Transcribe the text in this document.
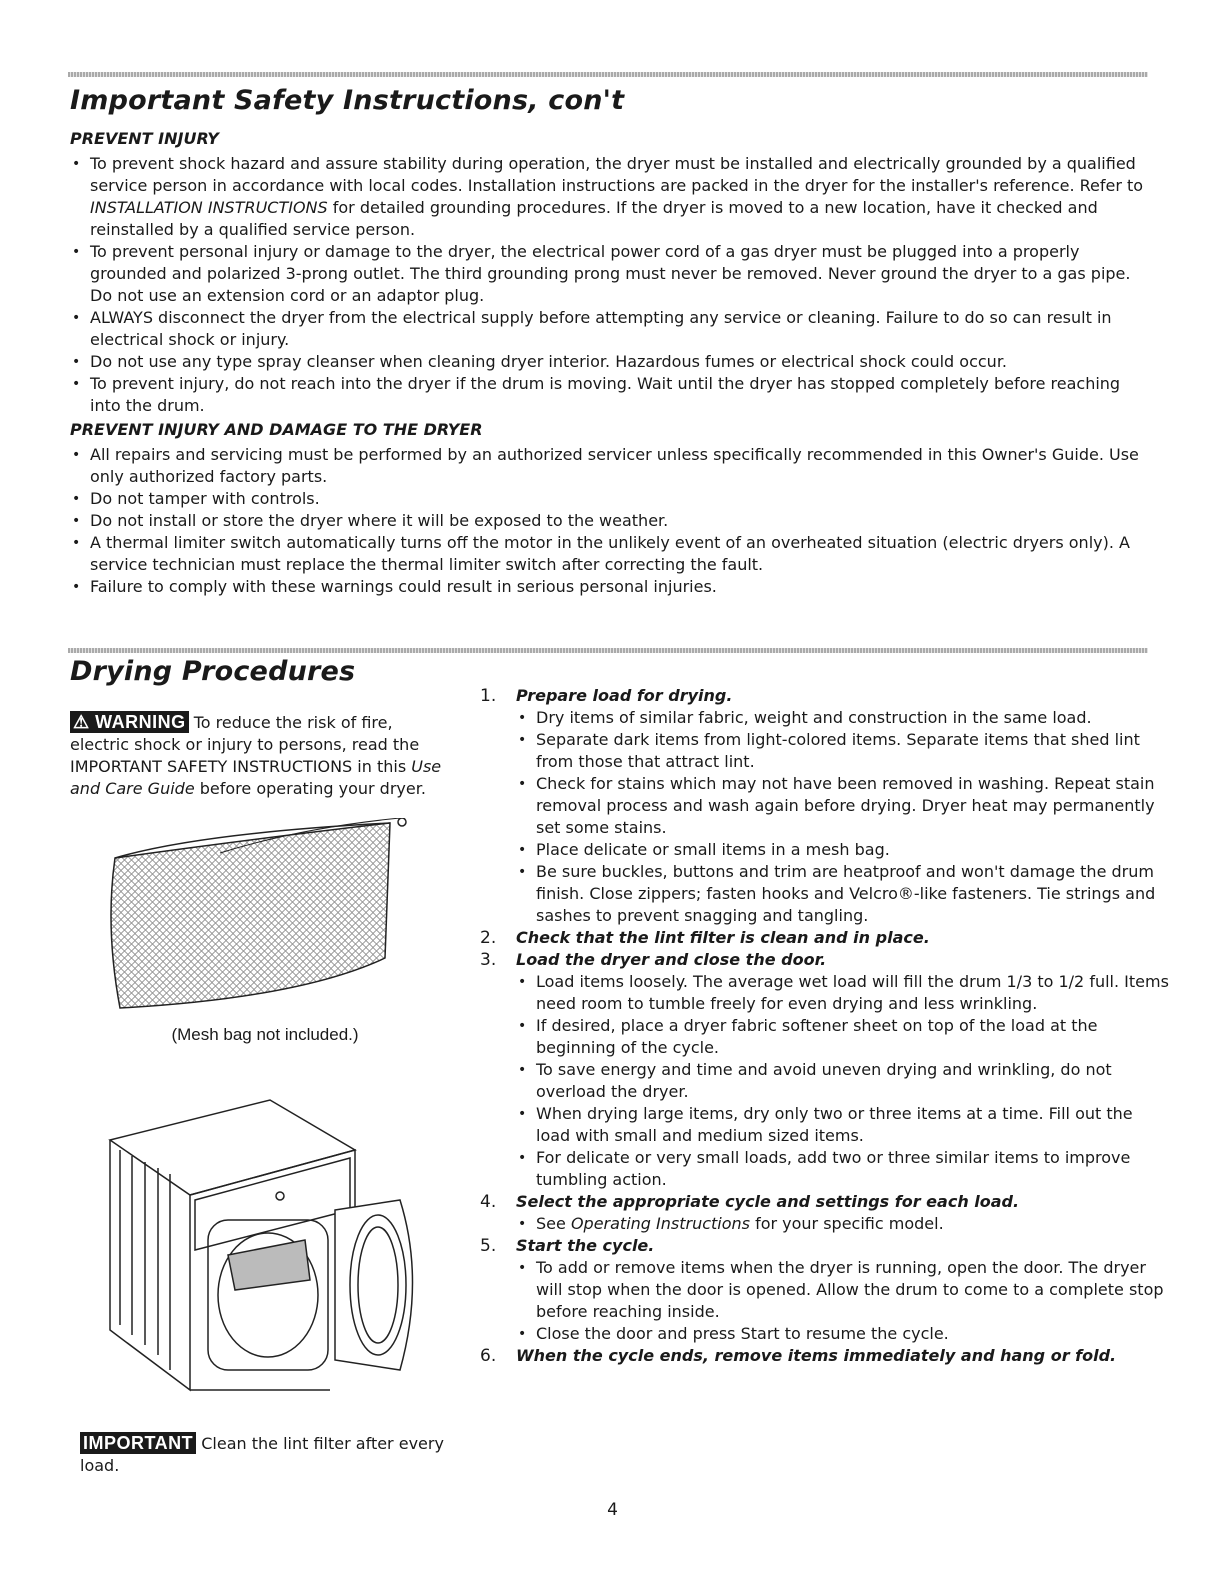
Important Safety Instructions, con't

PREVENT INJURY

• To prevent shock hazard and assure stability during operation, the dryer must be installed and electrically grounded by a qualified service person in accordance with local codes. Installation instructions are packed in the dryer for the installer's reference. Refer to INSTALLATION INSTRUCTIONS for detailed grounding procedures. If the dryer is moved to a new location, have it checked and reinstalled by a qualified service person.
• To prevent personal injury or damage to the dryer, the electrical power cord of a gas dryer must be plugged into a properly grounded and polarized 3-prong outlet. The third grounding prong must never be removed. Never ground the dryer to a gas pipe. Do not use an extension cord or an adaptor plug.
• ALWAYS disconnect the dryer from the electrical supply before attempting any service or cleaning. Failure to do so can result in electrical shock or injury.
• Do not use any type spray cleanser when cleaning dryer interior. Hazardous fumes or electrical shock could occur.
• To prevent injury, do not reach into the dryer if the drum is moving. Wait until the dryer has stopped completely before reaching into the drum.

PREVENT INJURY AND DAMAGE TO THE DRYER

• All repairs and servicing must be performed by an authorized servicer unless specifically recommended in this Owner's Guide. Use only authorized factory parts.
• Do not tamper with controls.
• Do not install or store the dryer where it will be exposed to the weather.
• A thermal limiter switch automatically turns off the motor in the unlikely event of an overheated situation (electric dryers only). A service technician must replace the thermal limiter switch after correcting the fault.
• Failure to comply with these warnings could result in serious personal injuries.
Drying Procedures
⚠ WARNING To reduce the risk of fire, electric shock or injury to persons, read the IMPORTANT SAFETY INSTRUCTIONS in this Use and Care Guide before operating your dryer.
(Mesh bag not included.)
IMPORTANT Clean the lint filter after every load.
1. Prepare load for drying.
• Dry items of similar fabric, weight and construction in the same load.
• Separate dark items from light-colored items. Separate items that shed lint from those that attract lint.
• Check for stains which may not have been removed in washing. Repeat stain removal process and wash again before drying. Dryer heat may permanently set some stains.
• Place delicate or small items in a mesh bag.
• Be sure buckles, buttons and trim are heatproof and won't damage the drum finish. Close zippers; fasten hooks and Velcro®-like fasteners. Tie strings and sashes to prevent snagging and tangling.
2. Check that the lint filter is clean and in place.
3. Load the dryer and close the door.
• Load items loosely. The average wet load will fill the drum 1/3 to 1/2 full. Items need room to tumble freely for even drying and less wrinkling.
• If desired, place a dryer fabric softener sheet on top of the load at the beginning of the cycle.
• To save energy and time and avoid uneven drying and wrinkling, do not overload the dryer.
• When drying large items, dry only two or three items at a time. Fill out the load with small and medium sized items.
• For delicate or very small loads, add two or three similar items to improve tumbling action.
4. Select the appropriate cycle and settings for each load.
• See Operating Instructions for your specific model.
5. Start the cycle.
• To add or remove items when the dryer is running, open the door. The dryer will stop when the door is opened. Allow the drum to come to a complete stop before reaching inside.
• Close the door and press Start to resume the cycle.
6. When the cycle ends, remove items immediately and hang or fold.
4
